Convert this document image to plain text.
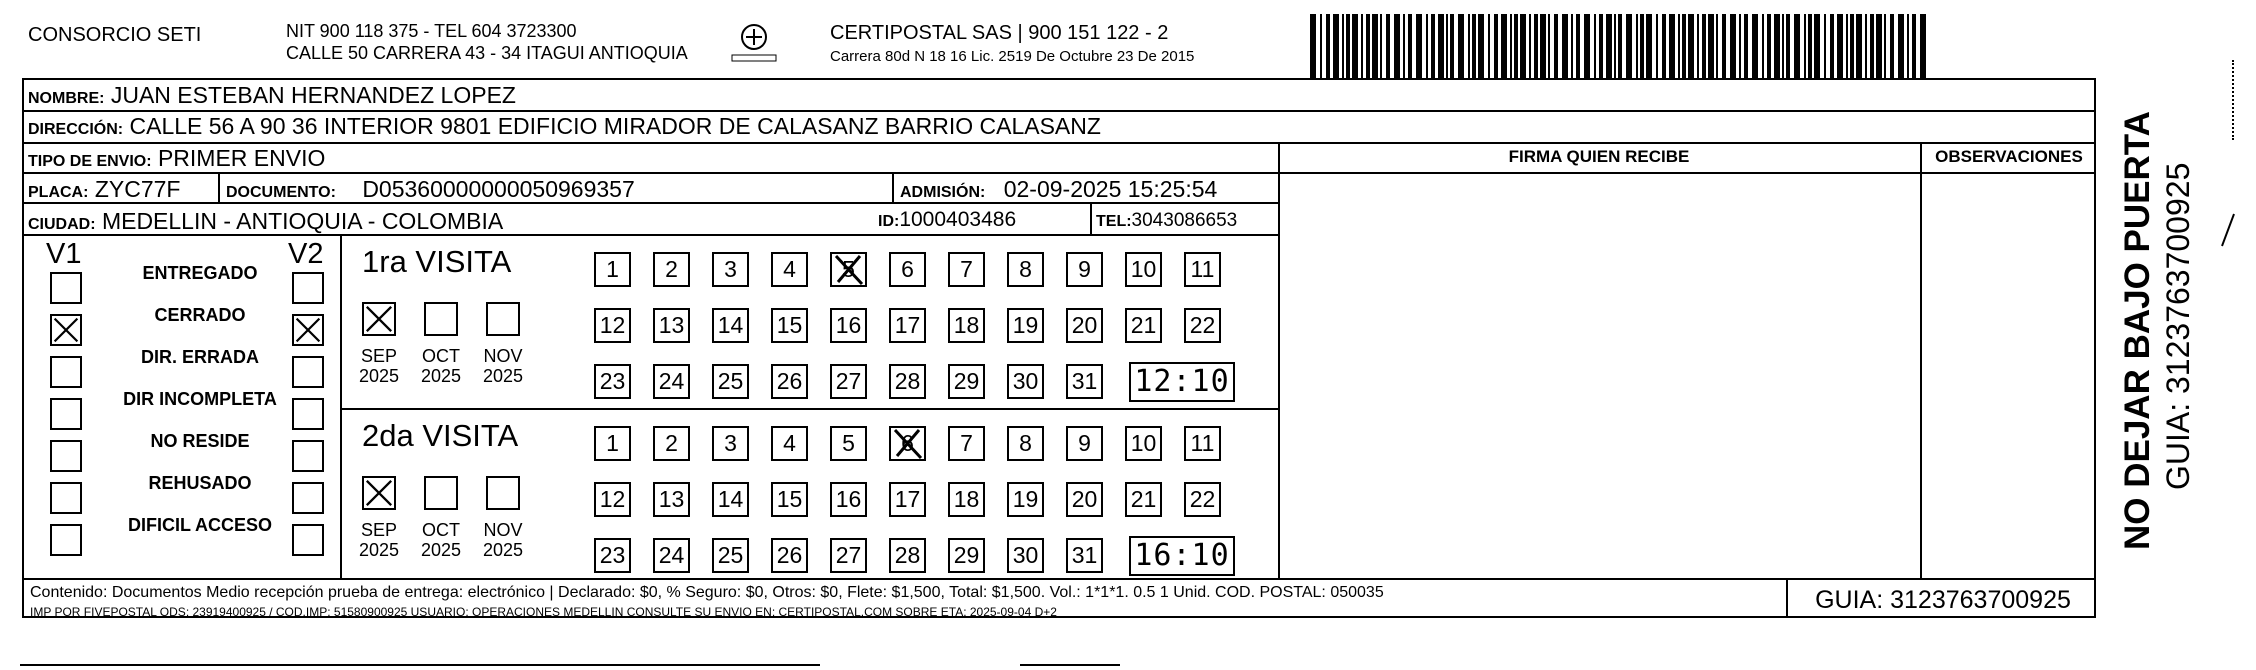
CONSORCIO SETI	NIT 900 118 375 - TEL 604 3723300
CALLE 50 CARRERA 43 - 34 ITAGUI ANTIOQUIA
CERTIPOSTAL SAS | 900 151 122 - 2
Carrera 80d N 18 16 Lic. 2519 De Octubre 23 De 2015
NOMBRE: JUAN ESTEBAN HERNANDEZ LOPEZ
DIRECCIÓN: CALLE 56 A 90 36 INTERIOR 9801 EDIFICIO MIRADOR DE CALASANZ BARRIO CALASANZ
TIPO DE ENVIO: PRIMER ENVIO
PLACA: ZYC77F	DOCUMENTO: D05360000000050969357	ADMISIÓN: 02-09-2025 15:25:54
CIUDAD: MEDELLIN - ANTIOQUIA - COLOMBIA	ID:1000403486	TEL:3043086653
FIRMA QUIEN RECIBE	OBSERVACIONES
V1	V2
ENTREGADO
CERRADO
DIR. ERRADA
DIR INCOMPLETA
NO RESIDE
REHUSADO
DIFICIL ACCESO
1ra VISITA
SEP
2025
OCT
2025
NOV
2025
1	2	3	4	5	6	7	8	9	10 11
12 13 14 15 16 17 18 19 20 21 22
23 24 25 26 27 28 29 30 31 12:10
2da VISITA
SEP
2025
OCT
2025
NOV
2025
1	2	3	4	5	6	7	8	9	10 11
12 13 14 15 16 17 18 19 20 21 22
23 24 25 26 27 28 29 30 31 16:10
Contenido: Documentos Medio recepción prueba de entrega: electrónico | Declarado: $0, % Seguro: $0, Otros: $0, Flete: $1,500, Total: $1,500. Vol.: 1*1*1. 0.5 1 Unid. COD. POSTAL: 050035
IMP POR FIVEPOSTAL ODS: 23919400925 / COD.IMP: 51580900925 USUARIO: OPERACIONES MEDELLIN CONSULTE SU ENVIO EN: CERTIPOSTAL.COM SOBRE ETA: 2025-09-04 D+2	GUIA: 3123763700925
NO DEJAR BAJO PUERTA GUIA: 3123763700925
